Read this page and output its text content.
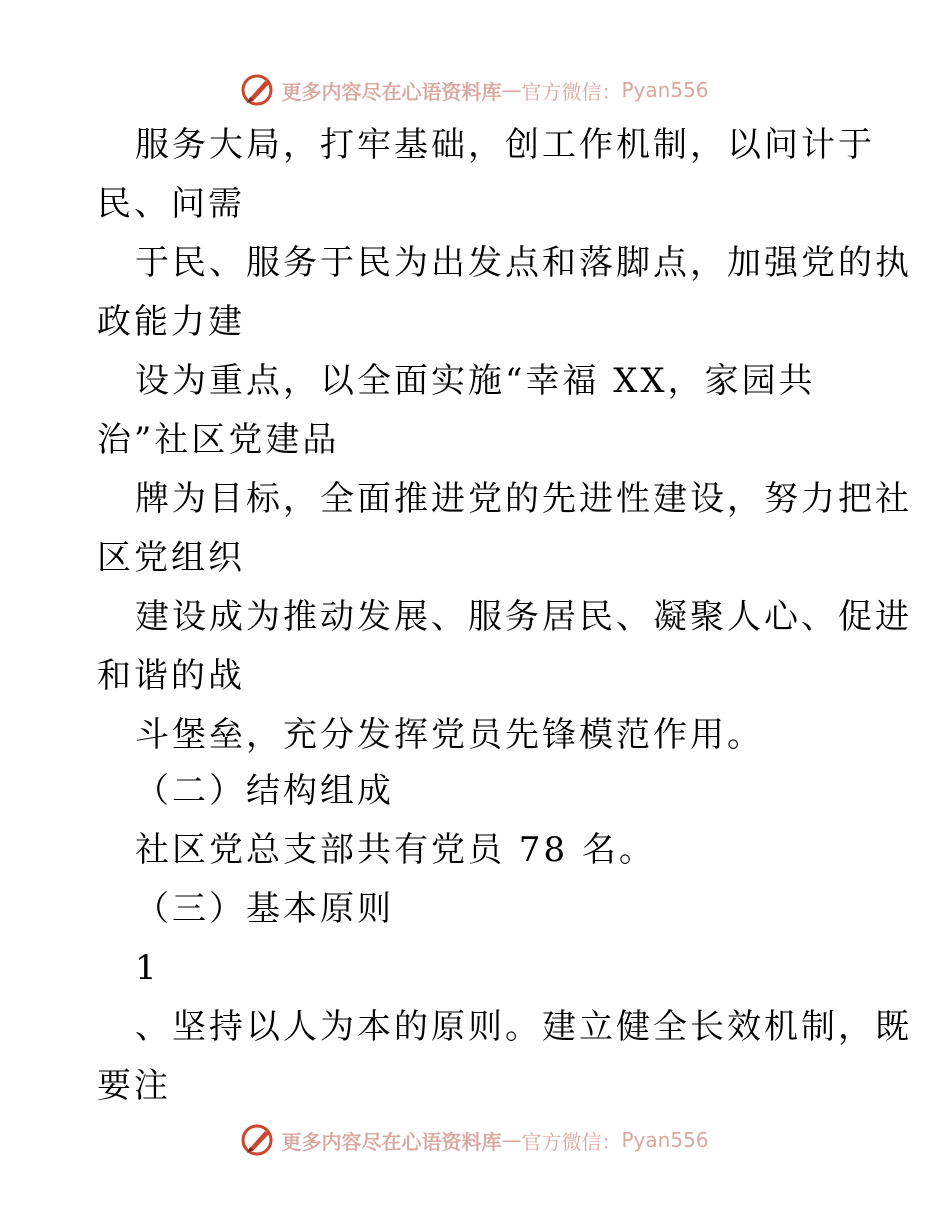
更多内容尽在心语资料库 — 官方微信： Pyan556
服务大局，打牢基础，创工作机制，以问计于
民、问需
于民、服务于民为出发点和落脚点，加强党的执
政能力建
设为重点，以全面实施“幸福 XX，家园共
治”社区党建品
牌为目标，全面推进党的先进性建设，努力把社
区党组织
建设成为推动发展、服务居民、凝聚人心、促进
和谐的战
斗堡垒，充分发挥党员先锋模范作用。
（二）结构组成
社区党总支部共有党员 78 名。
（三）基本原则
1
、坚持以人为本的原则。建立健全长效机制，既
要注
更多内容尽在心语资料库 — 官方微信： Pyan556
